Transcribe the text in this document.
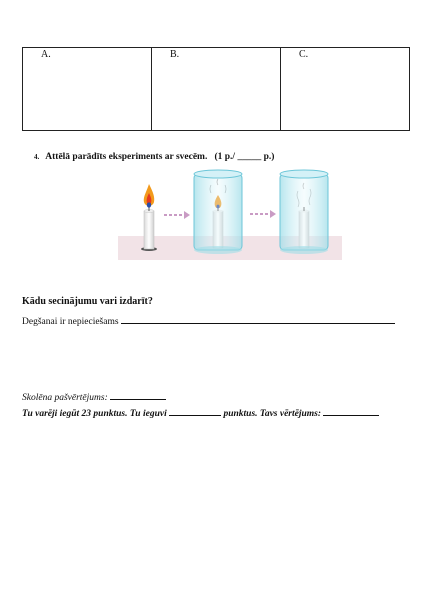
A.	B.	C.
4. Attēlā parādīts eksperiments ar svecēm. (1 p./ _____ p.)
Kādu secinājumu vari izdarīt?
Degšanai ir nepieciešams
Skolēna pašvērtējums:
Tu varēji iegūt 23 punktus. Tu ieguvi	punktus. Tavs vērtējums:
